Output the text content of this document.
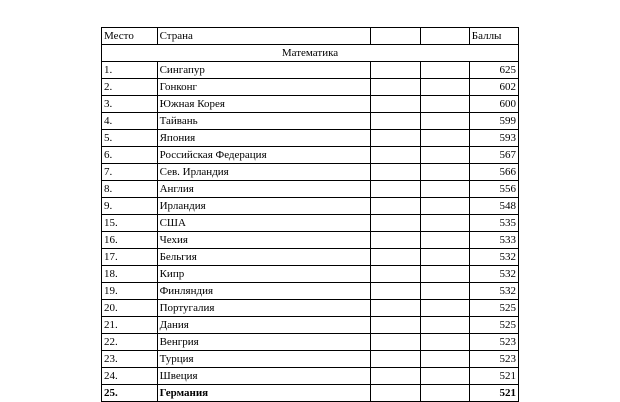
Место	Страна			Баллы
Математика				
1.	Сингапур			625
2.	Гонконг			602
3.	Южная Корея			600
4.	Тайвань			599
5.	Япония			593
6.	Российская Федерация			567
7.	Сев. Ирландия			566
8.	Англия			556
9.	Ирландия			548
15.	США			535
16.	Чехия			533
17.	Бельгия			532
18.	Кипр			532
19.	Финляндия			532
20.	Португалия			525
21.	Дания			525
22.	Венгрия			523
23.	Турция			523
24.	Швеция			521
25.	Германия			521
